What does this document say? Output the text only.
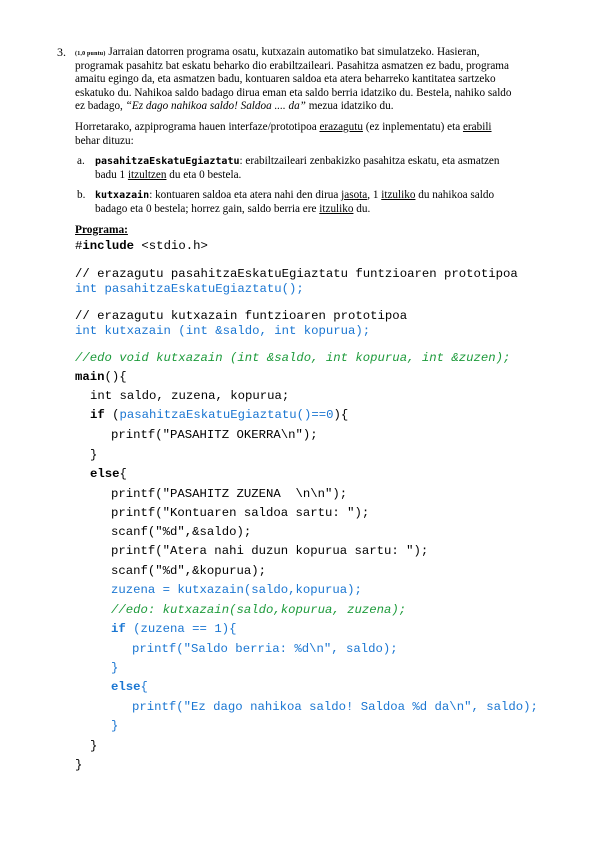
3. (1,0 puntu) Jarraian datorren programa osatu, kutxazain automatiko bat simulatzeko. Hasieran,
programak pasahitz bat eskatu beharko dio erabiltzaileari. Pasahitza asmatzen ez badu, programa
amaitu egingo da, eta asmatzen badu, kontuaren saldoa eta atera beharreko kantitatea sartzeko
eskatuko du. Nahikoa saldo badago dirua eman eta saldo berria idatziko du. Bestela, nahiko saldo
ez badago, “Ez dago nahikoa saldo! Saldoa .... da” mezua idatziko du.
Horretarako, azpiprograma hauen interfaze/prototipoa erazagutu (ez inplementatu) eta erabili
behar dituzu:
a. pasahitzaEskatuEgiaztatu: erabiltzaileari zenbakizko pasahitza eskatu, eta asmatzen
badu 1 itzultzen du eta 0 bestela.
b. kutxazain: kontuaren saldoa eta atera nahi den dirua jasota, 1 itzuliko du nahikoa saldo
badago eta 0 bestela; horrez gain, saldo berria ere itzuliko du.
Programa:
#include <stdio.h>
// erazagutu pasahitzaEskatuEgiaztatu funtzioaren prototipoa
int pasahitzaEskatuEgiaztatu();
// erazagutu kutxazain funtzioaren prototipoa
int kutxazain (int &saldo, int kopurua);
//edo void kutxazain (int &saldo, int kopurua, int &zuzen);
main(){
int saldo, zuzena, kopurua;
if (pasahitzaEskatuEgiaztatu()==0){
printf("PASAHITZ OKERRA\n");
}
else{
printf("PASAHITZ ZUZENA  \n\n");
printf("Kontuaren saldoa sartu: ");
scanf("%d",&saldo);
printf("Atera nahi duzun kopurua sartu: ");
scanf("%d",&kopurua);
zuzena = kutxazain(saldo,kopurua);
//edo: kutxazain(saldo,kopurua, zuzena);
if (zuzena == 1){
printf("Saldo berria: %d\n", saldo);
}
else{
printf("Ez dago nahikoa saldo! Saldoa %d da\n", saldo);
}
}
}
